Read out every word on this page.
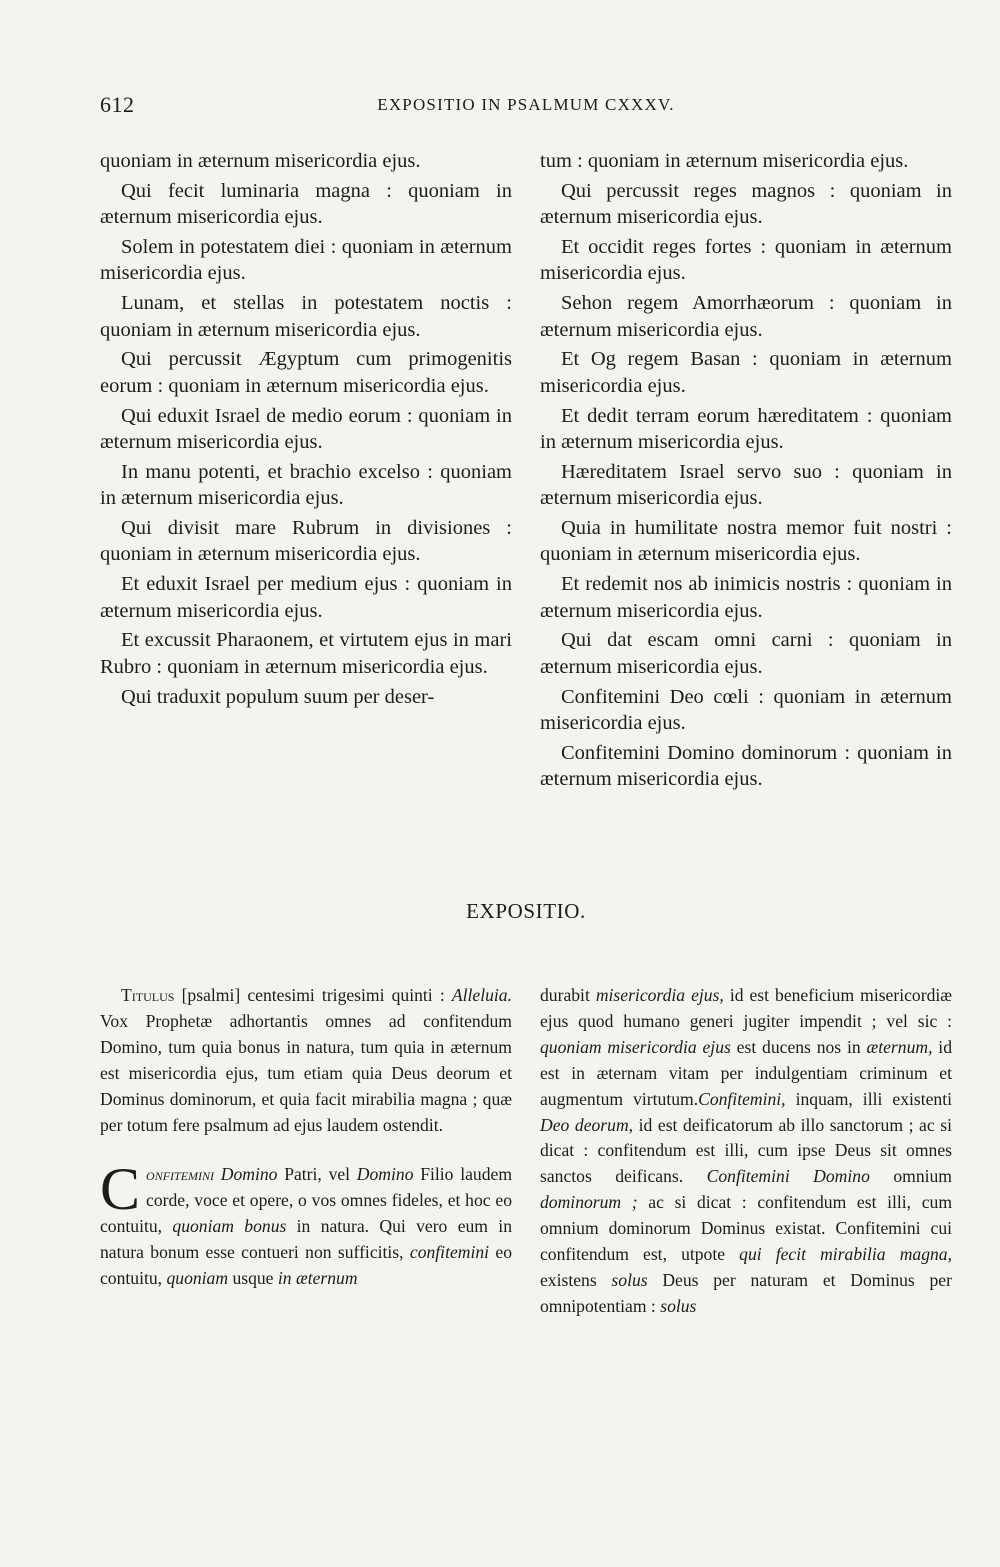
612	EXPOSITIO IN PSALMUM CXXXV.

quoniam in æternum misericordia ejus.

Qui fecit luminaria magna : quoniam in æternum misericordia ejus.

Solem in potestatem diei : quoniam in æternum misericordia ejus.

Lunam, et stellas in potestatem noctis : quoniam in æternum misericordia ejus.

Qui percussit Ægyptum cum primogenitis eorum : quoniam in æternum misericordia ejus.

Qui eduxit Israel de medio eorum : quoniam in æternum misericordia ejus.

In manu potenti, et brachio excelso : quoniam in æternum misericordia ejus.

Qui divisit mare Rubrum in divisiones : quoniam in æternum misericordia ejus.

Et eduxit Israel per medium ejus : quoniam in æternum misericordia ejus.

Et excussit Pharaonem, et virtutem ejus in mari Rubro : quoniam in æternum misericordia ejus.

Qui traduxit populum suum per deser-

tum : quoniam in æternum misericordia ejus.

Qui percussit reges magnos : quoniam in æternum misericordia ejus.

Et occidit reges fortes : quoniam in æternum misericordia ejus.

Sehon regem Amorrhæorum : quoniam in æternum misericordia ejus.

Et Og regem Basan : quoniam in æternum misericordia ejus.

Et dedit terram eorum hæreditatem : quoniam in æternum misericordia ejus.

Hæreditatem Israel servo suo : quoniam in æternum misericordia ejus.

Quia in humilitate nostra memor fuit nostri : quoniam in æternum misericordia ejus.

Et redemit nos ab inimicis nostris : quoniam in æternum misericordia ejus.

Qui dat escam omni carni : quoniam in æternum misericordia ejus.

Confitemini Deo cœli : quoniam in æternum misericordia ejus.

Confitemini Domino dominorum : quoniam in æternum misericordia ejus.

EXPOSITIO.

Titulus [psalmi] centesimi trigesimi quinti : Alleluia. Vox Prophetæ adhortantis omnes ad confitendum Domino, tum quia bonus in natura, tum quia in æternum est misericordia ejus, tum etiam quia Deus deorum et Dominus dominorum, et quia facit mirabilia magna ; quæ per totum fere psalmum ad ejus laudem ostendit.

Confitemini Domino Patri, vel Domino Filio laudem corde, voce et opere, o vos omnes fideles, et hoc eo contuitu, quoniam bonus in natura. Qui vero eum in natura bonum esse contueri non sufficitis, confitemini eo contuitu, quoniam usque in æternum

durabit misericordia ejus, id est beneficium misericordiæ ejus quod humano generi jugiter impendit ; vel sic : quoniam misericordia ejus est ducens nos in æternum, id est in æternam vitam per indulgentiam criminum et augmentum virtutum.Confitemini, inquam, illi existenti Deo deorum, id est deificatorum ab illo sanctorum ; ac si dicat : confitendum est illi, cum ipse Deus sit omnes sanctos deificans. Confitemini Domino omnium dominorum ; ac si dicat : confitendum est illi, cum omnium dominorum Dominus existat. Confitemini cui confitendum est, utpote qui fecit mirabilia magna, existens solus Deus per naturam et Dominus per omnipotentiam : solus
